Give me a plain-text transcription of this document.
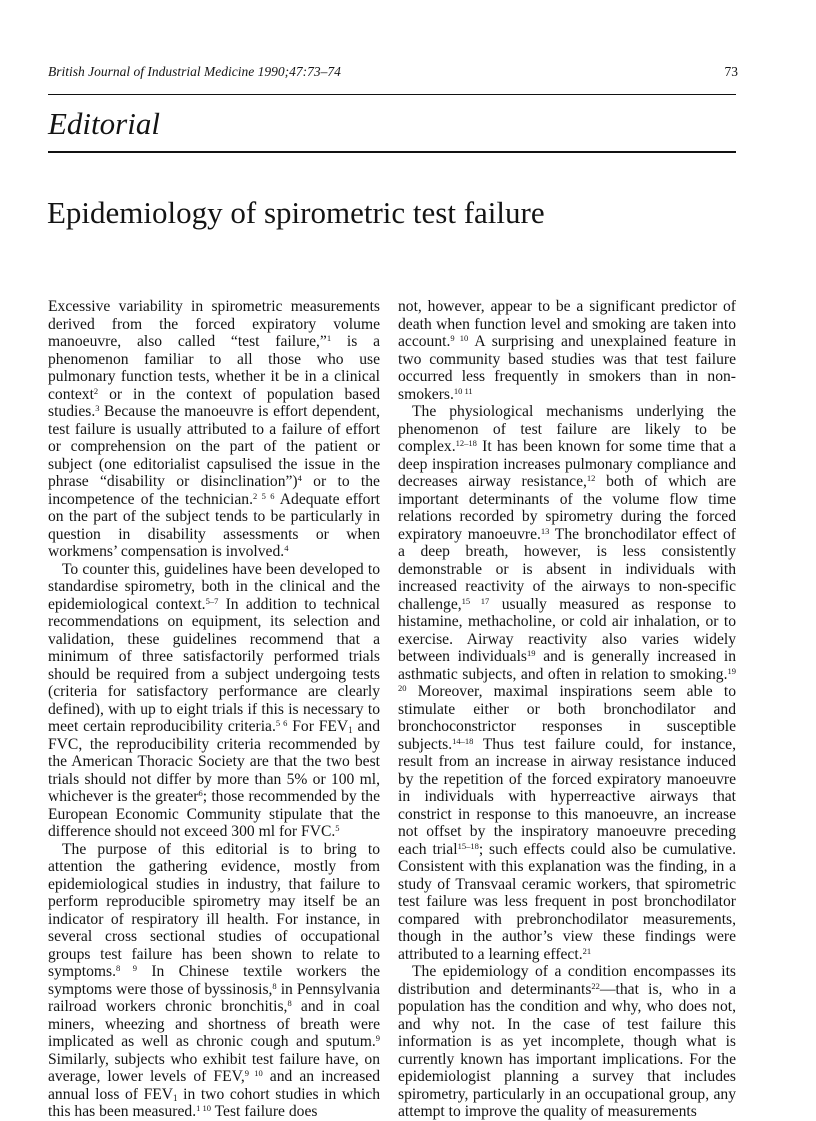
British Journal of Industrial Medicine 1990;47:73–74	73
Editorial
Epidemiology of spirometric test failure

Excessive variability in spirometric measurements derived from the forced expiratory volume manoeuvre, also called “test failure,”$^1$ is a phenomenon familiar to all those who use pulmonary function tests, whether it be in a clinical context$^2$ or in the context of population based studies.$^3$ Because the manoeuvre is effort dependent, test failure is usually attributed to a failure of effort or comprehension on the part of the patient or subject (one editorialist capsulised the issue in the phrase “disability or disinclination”)$^4$ or to the incompetence of the technician.$^{2 5 6}$ Adequate effort on the part of the subject tends to be particularly in question in disability assessments or when workmens’ compensation is involved.$^4$

To counter this, guidelines have been developed to standardise spirometry, both in the clinical and the epidemiological context.$^{5-7}$ In addition to technical recommendations on equipment, its selection and validation, these guidelines recommend that a minimum of three satisfactorily performed trials should be required from a subject undergoing tests (criteria for satisfactory performance are clearly defined), with up to eight trials if this is necessary to meet certain reproducibility criteria.$^{5 6}$ For $FEV_1$ and FVC, the reproducibility criteria recommended by the American Thoracic Society are that the two best trials should not differ by more than 5% or 100 ml, whichever is the greater$^6$; those recommended by the European Economic Community stipulate that the difference should not exceed 300 ml for FVC.$^5$

The purpose of this editorial is to bring to attention the gathering evidence, mostly from epidemiological studies in industry, that failure to perform reproducible spirometry may itself be an indicator of respiratory ill health. For instance, in several cross sectional studies of occupational groups test failure has been shown to relate to symptoms.$^{8 9}$ In Chinese textile workers the symptoms were those of byssinosis,$^8$ in Pennsylvania railroad workers chronic bronchitis,$^8$ and in coal miners, wheezing and shortness of breath were implicated as well as chronic cough and sputum.$^9$ Similarly, subjects who exhibit test failure have, on average, lower levels of FEV,$^{9 10}$ and an increased annual loss of $FEV_1$ in two cohort studies in which this has been measured.$^{1 10}$ Test failure does

not, however, appear to be a significant predictor of death when function level and smoking are taken into account.$^{9 10}$ A surprising and unexplained feature in two community based studies was that test failure occurred less frequently in smokers than in non-smokers.$^{10 11}$

The physiological mechanisms underlying the phenomenon of test failure are likely to be complex.$^{12-18}$ It has been known for some time that a deep inspiration increases pulmonary compliance and decreases airway resistance,$^{12}$ both of which are important determinants of the volume flow time relations recorded by spirometry during the forced expiratory manoeuvre.$^{13}$ The bronchodilator effect of a deep breath, however, is less consistently demonstrable or is absent in individuals with increased reactivity of the airways to non-specific challenge,$^{15 17}$ usually measured as response to histamine, methacholine, or cold air inhalation, or to exercise. Airway reactivity also varies widely between individuals$^{19}$ and is generally increased in asthmatic subjects, and often in relation to smoking.$^{19 20}$ Moreover, maximal inspirations seem able to stimulate either or both bronchodilator and bronchoconstrictor responses in susceptible subjects.$^{14-18}$ Thus test failure could, for instance, result from an increase in airway resistance induced by the repetition of the forced expiratory manoeuvre in individuals with hyperreactive airways that constrict in response to this manoeuvre, an increase not offset by the inspiratory manoeuvre preceding each trial$^{15-18}$; such effects could also be cumulative. Consistent with this explanation was the finding, in a study of Transvaal ceramic workers, that spirometric test failure was less frequent in post bronchodilator compared with prebronchodilator measurements, though in the author’s view these findings were attributed to a learning effect.$^{21}$

The epidemiology of a condition encompasses its distribution and determinants$^{22}$—that is, who in a population has the condition and why, who does not, and why not. In the case of test failure this information is as yet incomplete, though what is currently known has important implications. For the epidemiologist planning a survey that includes spirometry, particularly in an occupational group, any attempt to improve the quality of measurements
